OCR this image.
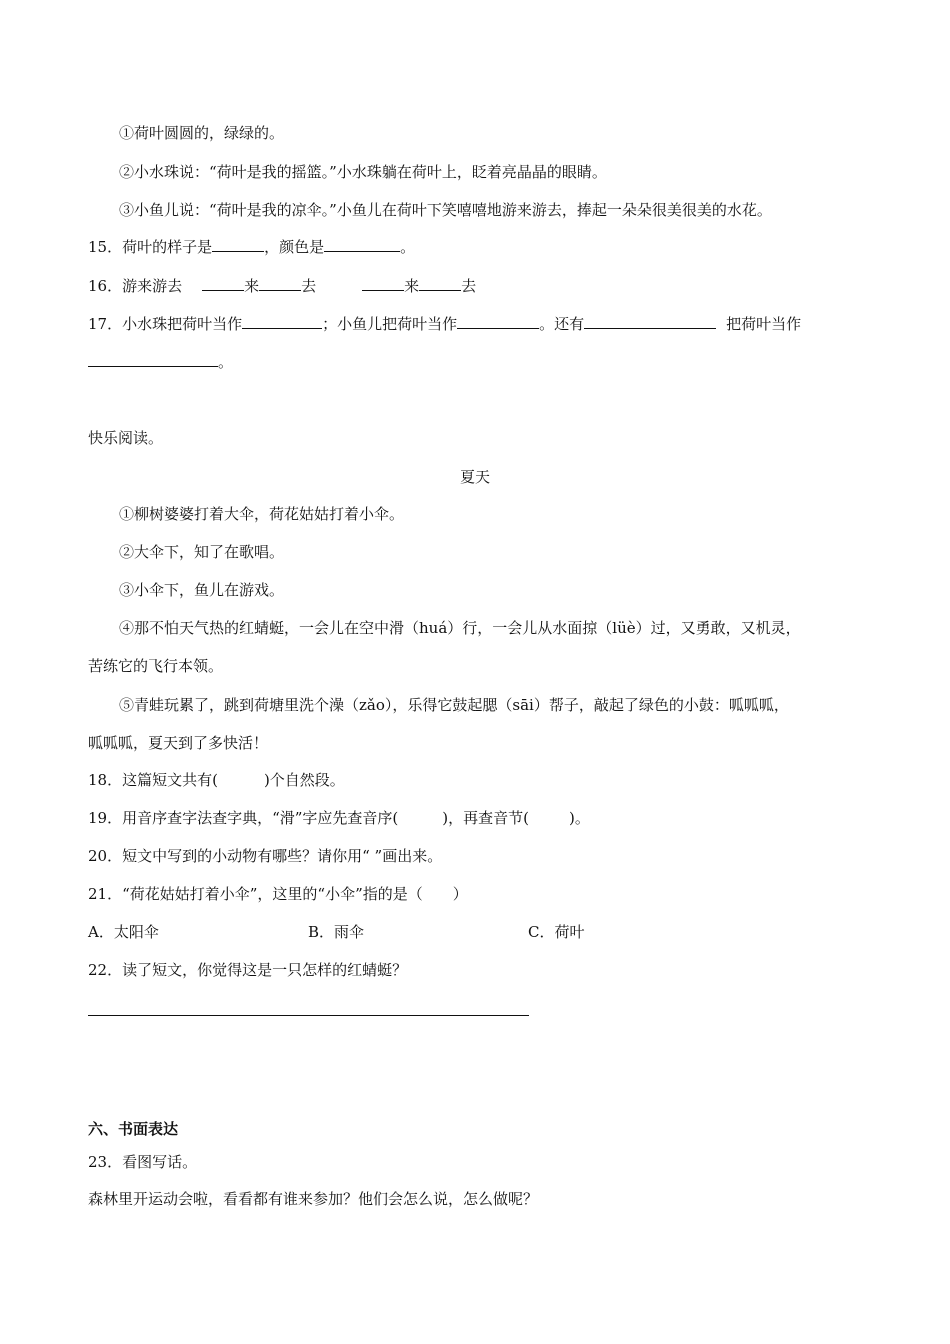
①荷叶圆圆的，绿绿的。
②小水珠说：“荷叶是我的摇篮。”小水珠躺在荷叶上，眨着亮晶晶的眼睛。
③小鱼儿说：“荷叶是我的凉伞。”小鱼儿在荷叶下笑嘻嘻地游来游去，捧起一朵朵很美很美的水花。
15．荷叶的样子是	，颜色是	。
16．游来游去	来	去	来	去
17．小水珠把荷叶当作	；小鱼儿把荷叶当作	。还有	把荷叶当作
。
快乐阅读。
夏天
①柳树婆婆打着大伞，荷花姑姑打着小伞。
②大伞下，知了在歌唱。
③小伞下，鱼儿在游戏。
④那不怕天气热的红蜻蜓，一会儿在空中滑（huá）行，一会儿从水面掠（lüè）过，又勇敢，又机灵，
苦练它的飞行本领。
⑤青蛙玩累了，跳到荷塘里洗个澡（zǎo），乐得它鼓起腮（sāi）帮子，敲起了绿色的小鼓：呱呱呱，
呱呱呱，夏天到了多快活！
18．这篇短文共有(	)个自然段。
19．用音序查字法查字典，“滑”字应先查音序(	)，再查音节(	)。
20．短文中写到的小动物有哪些？请你用“ ”画出来。
21．“荷花姑姑打着小伞”，这里的“小伞”指的是（　　）
A．太阳伞	B．雨伞	C．荷叶
22．读了短文，你觉得这是一只怎样的红蜻蜓？
六、书面表达
23．看图写话。
森林里开运动会啦，看看都有谁来参加？他们会怎么说，怎么做呢？
